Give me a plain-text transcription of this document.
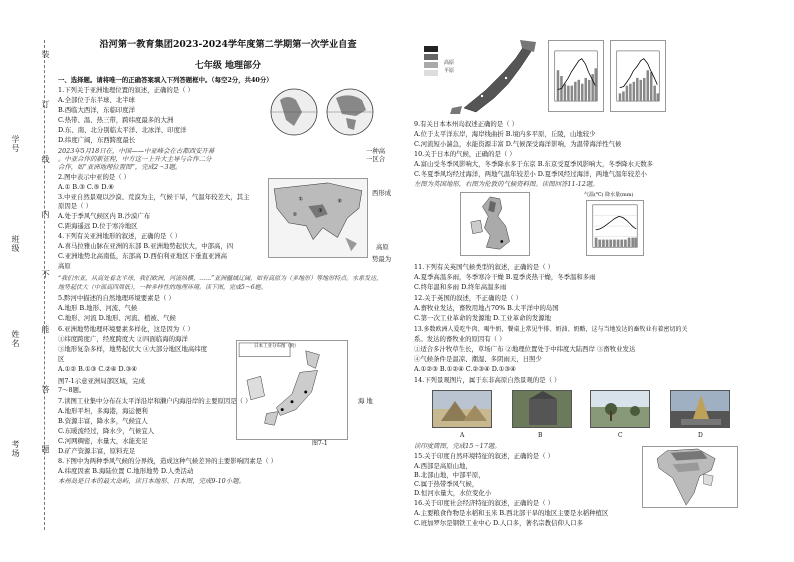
装
订
线
内
不
能
答
题
学号
班级
姓名
考场
沿河第一教育集团2023-2024学年度第二学期第一次学业自查
七年级 地理部分
一、选择题。请将唯一的正确答案填入下列答题框中。（每空2分，共40分）
1.下列关于亚洲地理位置的叙述，正确的是（ ）
A.全部位于东半球、北半球
B.西临大西洋，东临印度洋
C.热带、温、热三带，跨纬度最多的大洲
D.东、南、北分别临太平洋、北冰洋、印度洋
D.纬度广阔，东西跨度最长
2023年5月18日在，中国——中亚峰会在古都西安开幕
。中亚合作的新征程，中方这一上升大主导与合作二分
合作，如“亚洲地理位置图”，完成2～3题。
一种高
一区合
2.图中表示中亚的是（ ）
A.① B.③ C.⑤ D.⑥
3.中亚自然景观以沙漠、荒漠为主，气候干旱，气温年较差大，其主
原因是（ ）
A.处于季风气候区内 B.沙漠广布
C.距海遥远 D.位于寒冷地区
4.下列有关亚洲地形的叙述，正确的是（ ）
A.喜马拉雅山脉在亚洲的东部 B.亚洲地势起伏大，中部高，四
C.亚洲地势北高南低，东部高 D.西伯利亚地区下垂直亚洲高
高原
①
③
⑤
⑥
西形成
高原
势最为
“我们东亚，从高处看北半球，我们欧洲，河流纵横，……”亚洲疆域辽阔，如有高原为（多地形）等地形特点。水系发达，
地势起伏大（中部高四周低），一种多样性的地理环境。读下图，完成5～6题。
5.黔河中描述的自然地理环境要素是（ ）
A.地形 B.地形、河流、气候
C.地形、河流 D.地形、河流、植被、气候
6.亚洲地势地理环境要素多样化，这是因为（ ）
①纬度跨度广，经度跨度大 ②四面临海的海洋
③地形复杂多样，地势起伏大 ④大部分地区地高纬度
区
A.①② B.①③ C.②④ D.③④
图7-1示意亚洲局部区域，完成
7～8题。
日本工业分布图（附）
图7-1
海 地
7.读图工业集中分布在太平洋沿岸和濑户内海沿岸的主要原因是（ ）
A.地形平坦，多海港，海运便利
B.资源丰富，降水多，气候宜人
C.东暖流经过，降水少，气候宜人
C.河网稠密，水量大，水能充足
D.矿产资源丰富，原料充足
8.下图中为两种季风气候的分界线，造成这种气候差异的主要影响因素是（ ）
A.纬度因素 B.海陆位置 C.地形地势 D.人类活动
本州岛是日本的最大岛屿，读日本地形、日本图，完成9-10小题。
高原
平原
9.有关日本本州岛叙述正确的是（ ）
A.位于太平洋东岸，海岸线曲折 B.境内多平原，丘陵，山地较少
C.河流短小湍急，水能资源丰富 D.气候深受海洋影响，为温带海洋性气候
10.关于日本的气候，正确的是（ ）
A.富山受冬季风影响大，冬季降水多于东京 B.东京受夏季风影响大，冬季降水天数多
C.冬夏季风均经过海洋，两地气温年较差小 D.夏季风经过海洋，两地气温年较差小
左图为英国地形，右图为伦敦的气候资料图。读图回答11-12题。
气温(℃) 降水量(mm)
11.下列有关英国气候类型的叙述，正确的是（ ）
A.夏季高温多雨，冬季寒冷干燥 B.夏季炎热干燥，冬季温和多雨
C.终年温和多雨 D.终年高温多雨
12.关于英国的叙述，不正确的是（ ）
A.畜牧业发达，畜牧用地占70% B.太平洋中的岛国
C.第一次工业革命的发源地 D.工业革命的发源地
13.多数欧洲人爱吃牛肉、喝牛奶，餐桌上常见牛排、奶油、奶酪，这与当地发达的畜牧业有着密切的关
系。发达的畜牧业的原因有（ ）
①适合多汁牧草生长，草场广布 ②地理位置处于中纬度大陆西岸 ③畜牧业发达
④气候条件是温凉、潮湿、多阴雨天，日照少
A.①②③ B.①②④ C.②③④ D.①③④
14.下列景观图片，属于东非高原自然景观的是（ ）
A	B	C	D
读印度简图，完成15～17题。
15.关于印度自然环境特征的叙述，正确的是（ ）
A.西部是高原山地，
B.北部山地，中部平原，
C.属于热带季风气候，
D.恒河水量大，水位变化小
16.关于印度社会经济特征的叙述，正确的是（ ）
A.主要粮食作物是水稻和玉米 B.西北部干旱的地区主要是水稻种植区
C.班加罗尔是钢铁工业中心 D.人口多，著名宗教信仰人口多
